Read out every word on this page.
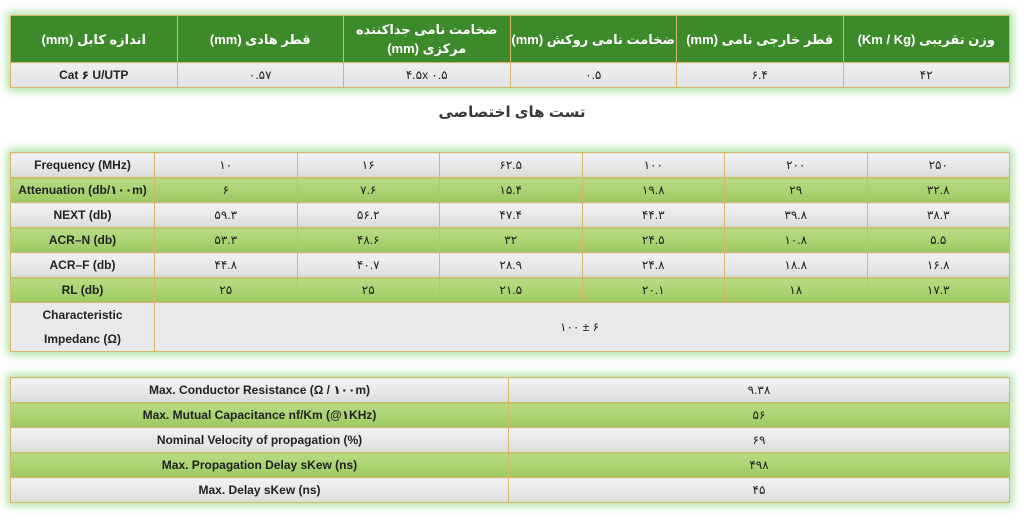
اندازه کابل (mm)	قطر هادی (mm)	ضخامت نامی جداکننده مرکزی (mm)	ضخامت نامی روکش (mm)	قطر خارجی نامی (mm)	وزن تقریبی (Km / Kg)
Cat ۶ U/UTP	۰.۵۷	۴.۵x ۰.۵	۰.۵	۶.۴	۴۲
تست های اختصاصی
Frequency (MHz)	۱۰	۱۶	۶۲.۵	۱۰۰	۲۰۰	۲۵۰
Attenuation (db/۱۰۰m)	۶	۷.۶	۱۵.۴	۱۹.۸	۲۹	۳۲.۸
NEXT (db)	۵۹.۳	۵۶.۲	۴۷.۴	۴۴.۳	۳۹.۸	۳۸.۳
ACR–N (db)	۵۳.۳	۴۸.۶	۳۲	۲۴.۵	۱۰.۸	۵.۵
ACR–F (db)	۴۴.۸	۴۰.۷	۲۸.۹	۲۴.۸	۱۸.۸	۱۶.۸
RL (db)	۲۵	۲۵	۲۱.۵	۲۰.۱	۱۸	۱۷.۳

Characteristic
Impedanc (Ω)	۱۰۰ ± ۶					
Max. Conductor Resistance (Ω / ۱۰۰m)	۹.۳۸
Max. Mutual Capacitance nf/Km (@۱KHz)	۵۶
Nominal Velocity of propagation (%)	۶۹
Max. Propagation Delay sKew (ns)	۴۹۸
Max. Delay sKew (ns)	۴۵
